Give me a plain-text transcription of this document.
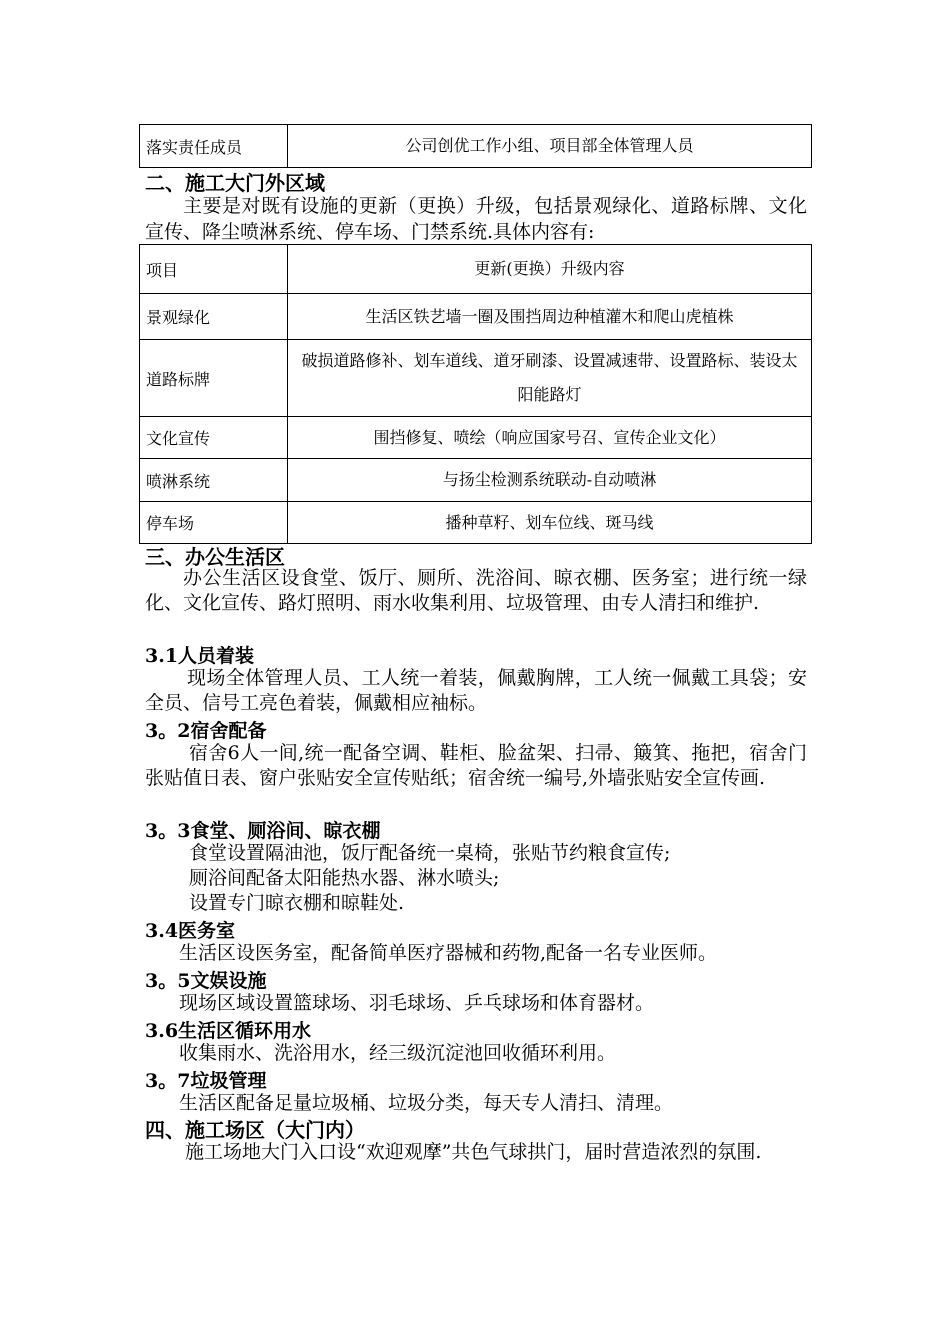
落实责任成员	公司创优工作小组、项目部全体管理人员
二、施工大门外区域
主要是对既有设施的更新（更换）升级，包括景观绿化、道路标牌、文化宣传、降尘喷淋系统、停车场、门禁系统.具体内容有:
项目	更新(更换）升级内容
景观绿化	生活区铁艺墙一圈及围挡周边种植灌木和爬山虎植株
道路标牌	破损道路修补、划车道线、道牙刷漆、设置减速带、设置路标、装设太阳能路灯
文化宣传	围挡修复、喷绘（响应国家号召、宣传企业文化）
喷淋系统	与扬尘检测系统联动-自动喷淋
停车场	播种草籽、划车位线、斑马线
三、办公生活区
办公生活区设食堂、饭厅、厕所、洗浴间、晾衣棚、医务室；进行统一绿化、文化宣传、路灯照明、雨水收集利用、垃圾管理、由专人清扫和维护.
3.1人员着装
现场全体管理人员、工人统一着装，佩戴胸牌，工人统一佩戴工具袋；安全员、信号工亮色着装，佩戴相应袖标。
3。2宿舍配备
宿舍6人一间,统一配备空调、鞋柜、脸盆架、扫帚、簸箕、拖把，宿舍门张贴值日表、窗户张贴安全宣传贴纸；宿舍统一编号,外墙张贴安全宣传画.
3。3食堂、厕浴间、晾衣棚
食堂设置隔油池，饭厅配备统一桌椅，张贴节约粮食宣传;
厕浴间配备太阳能热水器、淋水喷头;
设置专门晾衣棚和晾鞋处.
3.4医务室
生活区设医务室，配备简单医疗器械和药物,配备一名专业医师。
3。5文娱设施
现场区域设置篮球场、羽毛球场、乒乓球场和体育器材。
3.6生活区循环用水
收集雨水、洗浴用水，经三级沉淀池回收循环利用。
3。7垃圾管理
生活区配备足量垃圾桶、垃圾分类，每天专人清扫、清理。
四、施工场区（大门内）
施工场地大门入口设“欢迎观摩”共色气球拱门，届时营造浓烈的氛围.
